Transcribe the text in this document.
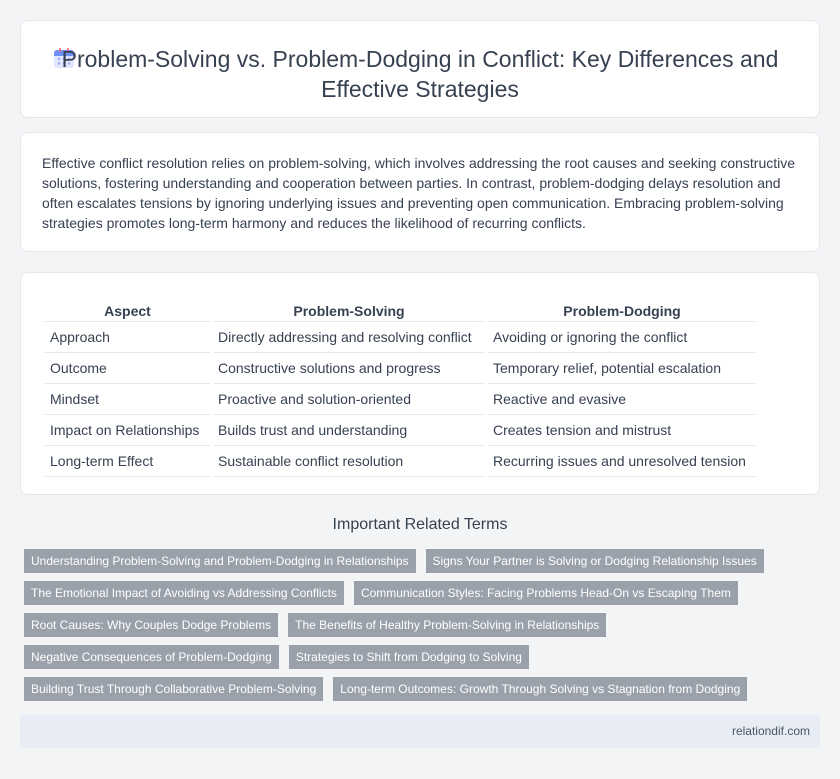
Problem-Solving vs. Problem-Dodging in Conflict: Key Differences and Effective Strategies

Effective conflict resolution relies on problem-solving, which involves addressing the root causes and seeking constructive solutions, fostering understanding and cooperation between parties. In contrast, problem-dodging delays resolution and often escalates tensions by ignoring underlying issues and preventing open communication. Embracing problem-solving strategies promotes long-term harmony and reduces the likelihood of recurring conflicts.

Aspect	Problem-Solving	Problem-Dodging
Approach	Directly addressing and resolving conflict	Avoiding or ignoring the conflict
Outcome	Constructive solutions and progress	Temporary relief, potential escalation
Mindset	Proactive and solution-oriented	Reactive and evasive
Impact on Relationships	Builds trust and understanding	Creates tension and mistrust
Long-term Effect	Sustainable conflict resolution	Recurring issues and unresolved tension
Important Related Terms
Understanding Problem-Solving and Problem-Dodging in Relationships	Signs Your Partner is Solving or Dodging Relationship Issues
The Emotional Impact of Avoiding vs Addressing Conflicts	Communication Styles: Facing Problems Head-On vs Escaping Them
Root Causes: Why Couples Dodge Problems	The Benefits of Healthy Problem-Solving in Relationships
Negative Consequences of Problem-Dodging	Strategies to Shift from Dodging to Solving
Building Trust Through Collaborative Problem-Solving	Long-term Outcomes: Growth Through Solving vs Stagnation from Dodging
relationdif.com
